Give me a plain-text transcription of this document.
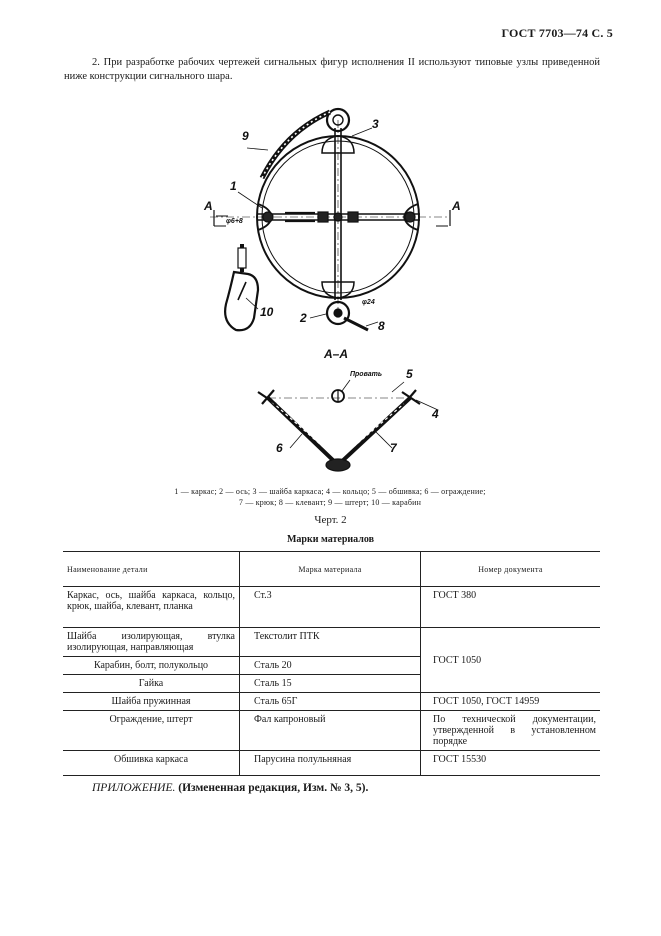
ГОСТ 7703—74 С. 5
2. При разработке рабочих чертежей сигнальных фигур исполнения II используют типовые узлы приведенной ниже конструкции сигнального шара.
9
3
1
А	А
10 2
8
А–А
5
4
6	7
φ6+8
φ24
Провать
1 — каркас; 2 — ось; 3 — шайба каркаса; 4 — кольцо; 5 — обшивка; 6 — ограждение;
7 — крюк; 8 — клевант; 9 — штерт; 10 — карабин
Черт. 2
Марки материалов
Наименование детали	Марка материала	Номер документа
Каркас, ось, шайба каркаса, кольцо, крюк, шайба, клевант, планка	Ст.3	ГОСТ 380
Шайба изолирующая, втулка изолирующая, направляющая	Текстолит ПТК	ГОСТ 1050
Карабин, болт, полукольцо	Сталь 20	
Гайка	Сталь 15	
Шайба пружинная	Сталь 65Г	ГОСТ 1050, ГОСТ 14959
Ограждение, штерт	Фал капроновый	По технической документации, утвержденной в установленном порядке
Обшивка каркаса	Парусина полульняная	ГОСТ 15530
ПРИЛОЖЕНИЕ. (Измененная редакция, Изм. № 3, 5).
